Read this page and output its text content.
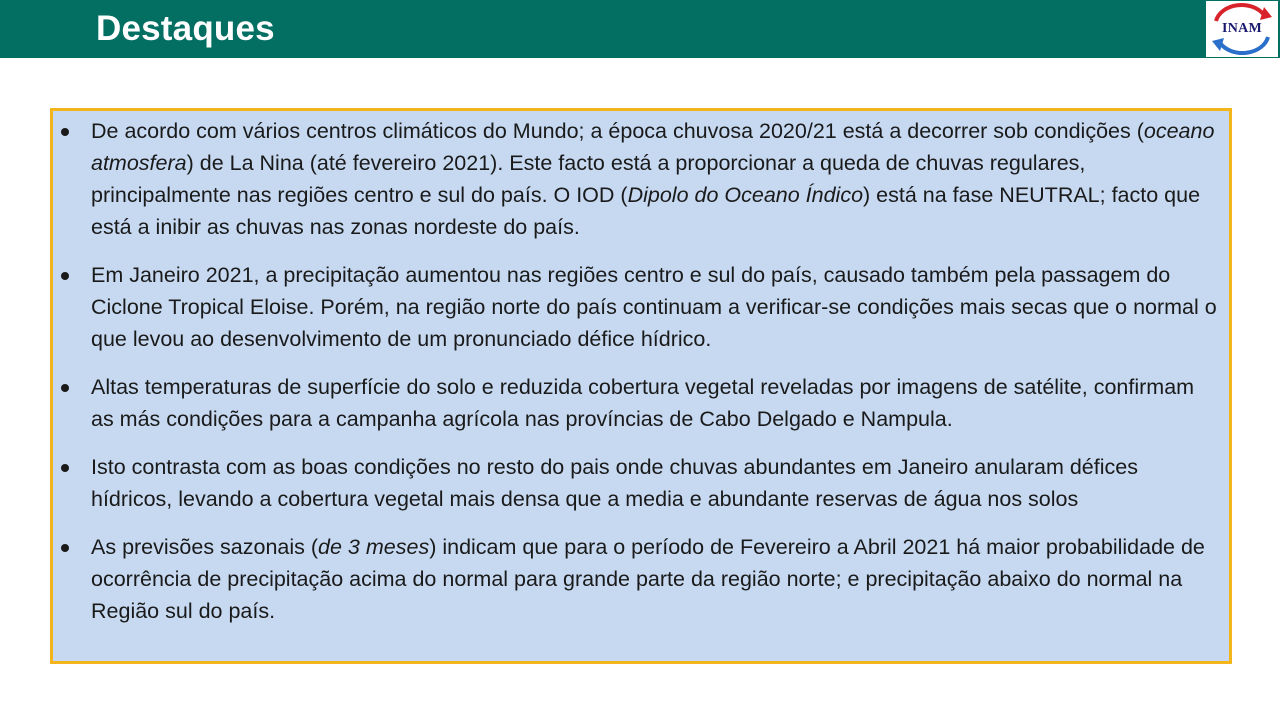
Destaques	INAM
De acordo com vários centros climáticos do Mundo; a época chuvosa 2020/21 está a decorrer sob condições (oceano atmosfera) de La Nina (até fevereiro 2021). Este facto está a proporcionar a queda de chuvas regulares, principalmente nas regiões centro e sul do país. O IOD (Dipolo do Oceano Índico) está na fase NEUTRAL; facto que está a inibir as chuvas nas zonas nordeste do país.
Em Janeiro 2021, a precipitação aumentou nas regiões centro e sul do país, causado também pela passagem do Ciclone Tropical Eloise. Porém, na região norte do país continuam a verificar-se condições mais secas que o normal o que levou ao desenvolvimento de um pronunciado défice hídrico.
Altas temperaturas de superfície do solo e reduzida cobertura vegetal reveladas por imagens de satélite, confirmam as más condições para a campanha agrícola nas províncias de Cabo Delgado e Nampula.
Isto contrasta com as boas condições no resto do pais onde chuvas abundantes em Janeiro anularam défices hídricos, levando a cobertura vegetal mais densa que a media e abundante reservas de água nos solos
As previsões sazonais (de 3 meses) indicam que para o período de Fevereiro a Abril 2021 há maior probabilidade de ocorrência de precipitação acima do normal para grande parte da região norte; e precipitação abaixo do normal na Região sul do país.
